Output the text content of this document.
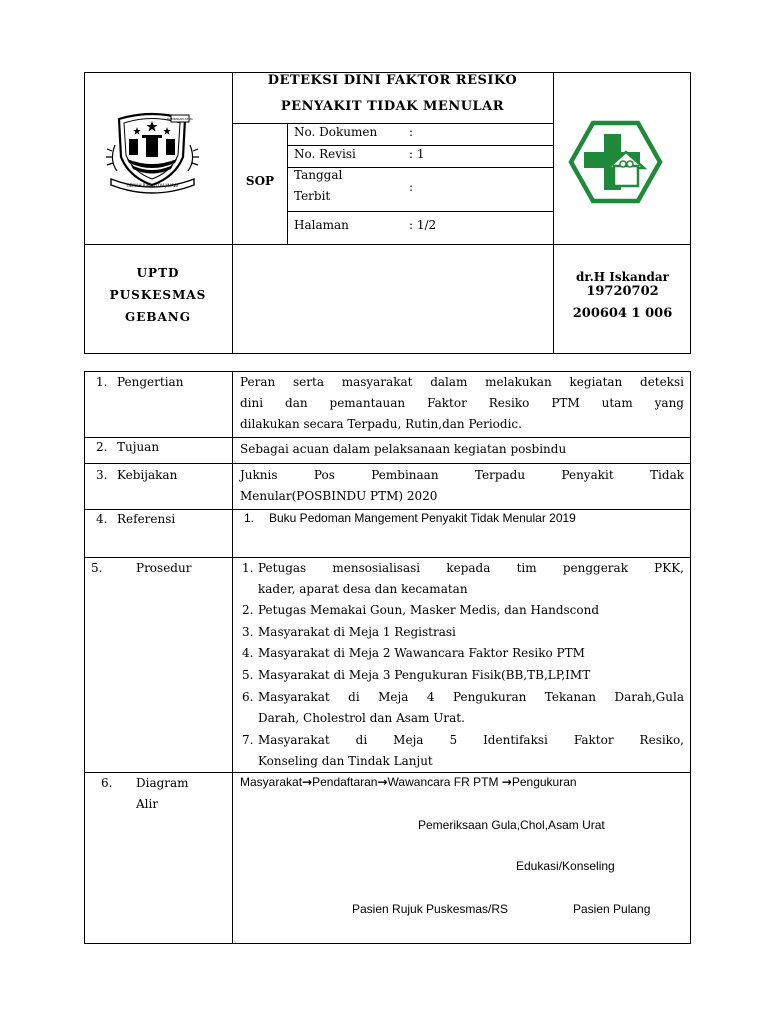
RAMPAKAN ATMA
GEMAH RIPAH LOH JINAWI
DETEKSI DINI FAKTOR RESIKO
PENYAKIT TIDAK MENULAR
SOP
No. Dokumen	:
No. Revisi	: 1
Tanggal
Terbit
:
Halaman	: 1/2
UPTD
PUSKESMAS
GEBANG
dr.H Iskandar
19720702
200604 1 006
1. Pengertian	Peran serta masyarakat dalam melakukan kegiatan deteksi
dini dan pemantauan Faktor Resiko PTM utam yang
dilakukan secara Terpadu, Rutin,dan Periodic.
2. Tujuan	Sebagai acuan dalam pelaksanaan kegiatan posbindu
3. Kebijakan	Juknis Pos Pembinaan Terpadu Penyakit Tidak
Menular(POSBINDU PTM) 2020
4. Referensi	1. Buku Pedoman Mangement Penyakit Tidak Menular 2019
5.	Prosedur	1. Petugas mensosialisasi kepada tim penggerak PKK,
kader, aparat desa dan kecamatan
2. Petugas Memakai Goun, Masker Medis, dan Handscond
3. Masyarakat di Meja 1 Registrasi
4. Masyarakat di Meja 2 Wawancara Faktor Resiko PTM
5. Masyarakat di Meja 3 Pengukuran Fisik(BB,TB,LP,IMT
6. Masyarakat di Meja 4 Pengukuran Tekanan Darah,Gula
Darah, Cholestrol dan Asam Urat.
7. Masyarakat di Meja 5 Identifaksi Faktor Resiko,
Konseling dan Tindak Lanjut
6. Diagram
Alir
Masyarakat→Pendaftaran→Wawancara FR PTM →Pengukuran
Pemeriksaan Gula,Chol,Asam Urat
Edukasi/Konseling
Pasien Rujuk Puskesmas/RS	Pasien Pulang
